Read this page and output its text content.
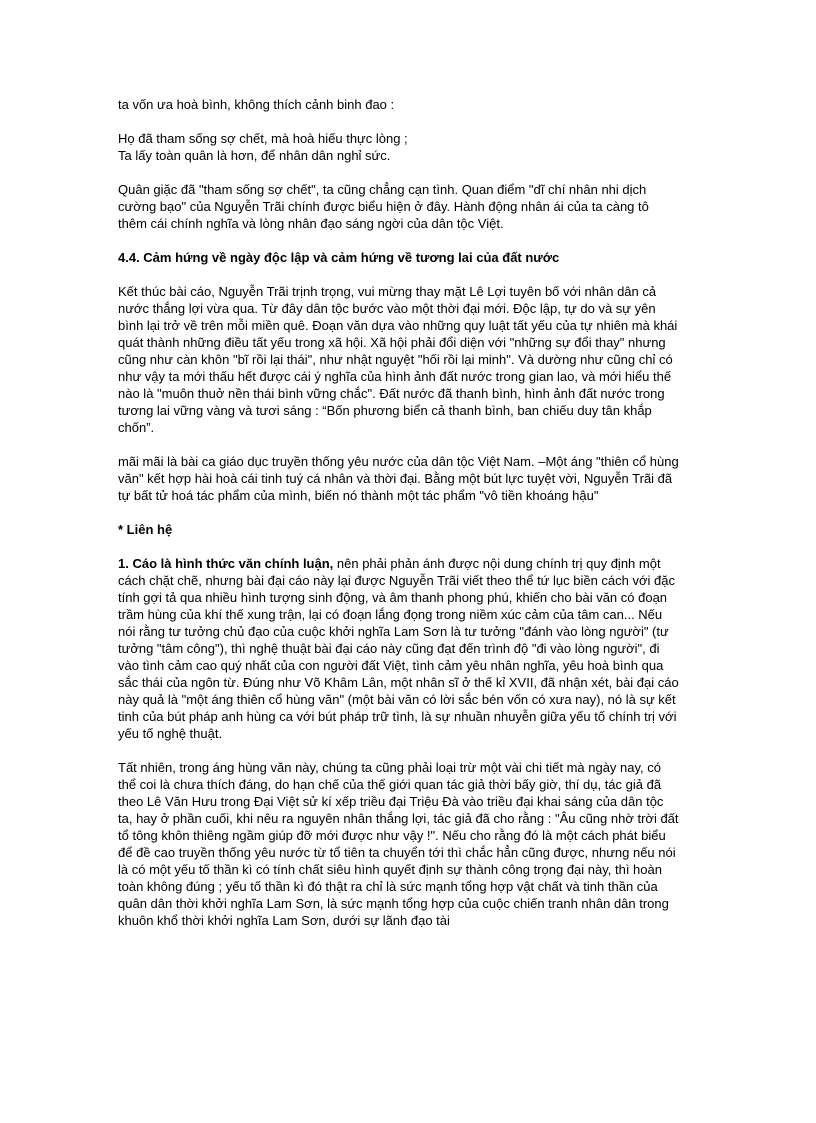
ta vốn ưa hoà bình, không thích cảnh binh đao :

Họ đã tham sống sợ chết, mà hoà hiếu thực lòng ;
Ta lấy toàn quân là hơn, để nhân dân nghỉ sức.

Quân giặc đã "tham sống sợ chết", ta cũng chẳng cạn tình. Quan điểm "dĩ chí nhân nhi dịch cường bạo" của Nguyễn Trãi chính được biểu hiện ở đây. Hành động nhân ái của ta càng tô thêm cái chính nghĩa và lòng nhân đạo sáng ngời của dân tộc Việt.

4.4. Cảm hứng về ngày độc lập và cảm hứng về tương lai của đất nước

Kết thúc bài cáo, Nguyễn Trãi trịnh trọng, vui mừng thay mặt Lê Lợi tuyên bố với nhân dân cả nước thắng lợi vừa qua. Từ đây dân tộc bước vào một thời đại mới. Độc lập, tự do và sự yên bình lại trở về trên mỗi miền quê. Đoạn văn dựa vào những quy luật tất yếu của tự nhiên mà khái quát thành những điều tất yếu trong xã hội. Xã hội phải đổi diện với "những sự đổi thay" nhưng cũng như càn khôn "bĩ rồi lại thái", như nhật nguyệt "hối rồi lại minh". Và dường như cũng chỉ có như vậy ta mới thấu hết được cái ý nghĩa của hình ảnh đất nước trong gian lao, và mới hiểu thế nào là "muôn thuở nền thái bình vững chắc". Đất nước đã thanh bình, hình ảnh đất nước trong tương lai vững vàng và tươi sáng : “Bốn phương biển cả thanh bình, ban chiếu duy tân khắp chốn”.

mãi mãi là bài ca giáo dục truyền thống yêu nước của dân tộc Việt Nam. –Một áng "thiên cổ hùng văn" kết hợp hài hoà cái tinh tuý cá nhân và thời đại. Bằng một bút lực tuyệt vời, Nguyễn Trãi đã tự bất tử hoá tác phẩm của mình, biến nó thành một tác phẩm "vô tiền khoáng hậu"

* Liên hệ

1. Cáo là hình thức văn chính luận, nên phải phản ánh được nội dung chính trị quy định một cách chặt chẽ, nhưng bài đại cáo này lại được Nguyễn Trãi viết theo thể tứ lục biền cách với đặc tính gợi tả qua nhiều hình tượng sinh động, và âm thanh phong phú, khiến cho bài văn có đoạn trầm hùng của khí thế xung trận, lại có đoạn lắng đọng trong niềm xúc cảm của tâm can... Nếu nói rằng tư tưởng chủ đạo của cuộc khởi nghĩa Lam Sơn là tư tưởng "đánh vào lòng người" (tư tưởng "tâm công"), thì nghệ thuật bài đại cáo này cũng đạt đến trình độ "đi vào lòng người", đi vào tình cảm cao quý nhất của con người đất Việt, tình cảm yêu nhân nghĩa, yêu hoà bình qua sắc thái của ngôn từ. Đúng như Võ Khâm Lân, một nhân sĩ ở thế kỉ XVII, đã nhận xét, bài đại cáo này quả là "một áng thiên cổ hùng văn" (một bài văn có lời sắc bén vốn có xưa nay), nó là sự kết tinh của bút pháp anh hùng ca với bút pháp trữ tình, là sự nhuần nhuyễn giữa yếu tố chính trị với yếu tố nghệ thuật.

Tất nhiên, trong áng hùng văn này, chúng ta cũng phải loại trừ một vài chi tiết mà ngày nay, có thể coi là chưa thích đáng, do hạn chế của thế giới quan tác giả thời bấy giờ, thí dụ, tác giả đã theo Lê Văn Hưu trong Đại Việt sử kí xếp triều đại Triệu Đà vào triều đại khai sáng của dân tộc ta, hay ở phần cuối, khi nêu ra nguyên nhân thắng lợi, tác giả đã cho rằng : "Âu cũng nhờ trời đất tổ tông khôn thiêng ngầm giúp đỡ mới được như vậy !". Nếu cho rằng đó là một cách phát biểu để đề cao truyền thống yêu nước từ tổ tiên ta chuyển tới thì chắc hẳn cũng được, nhưng nếu nói là có một yếu tố thần kì có tính chất siêu hình quyết định sự thành công trọng đại này, thì hoàn toàn không đúng ; yếu tố thần kì đó thật ra chỉ là sức mạnh tổng hợp vật chất và tinh thần của quân dân thời khởi nghĩa Lam Sơn, là sức mạnh tổng hợp của cuộc chiến tranh nhân dân trong khuôn khổ thời khởi nghĩa Lam Sơn, dưới sự lãnh đạo tài
